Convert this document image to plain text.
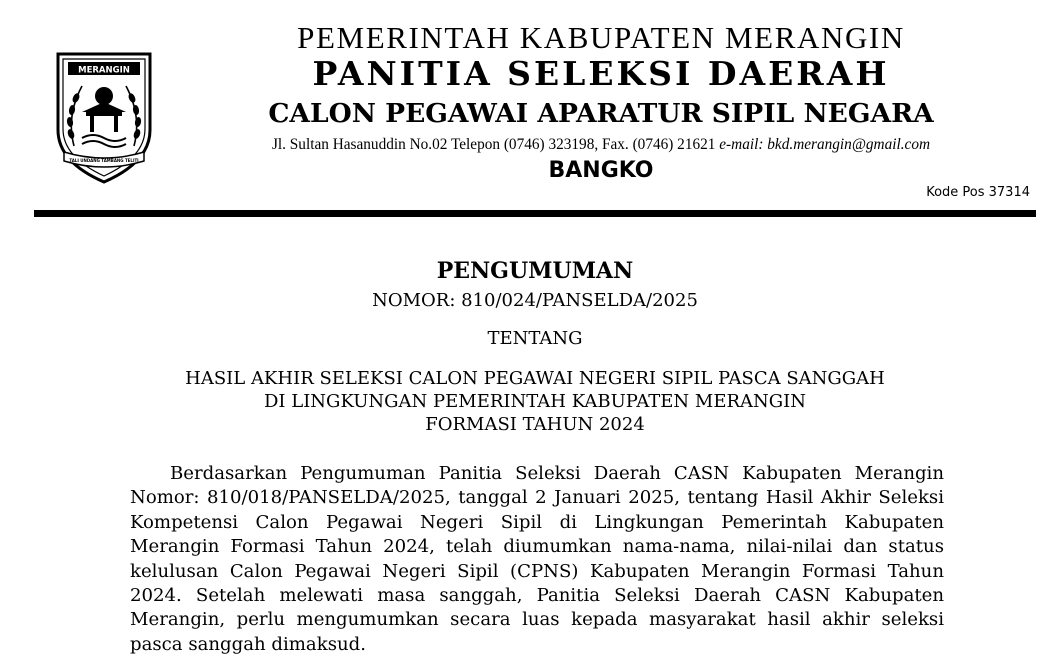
MERANGIN
TALI UNDANG TAMBANG TELITI
PEMERINTAH KABUPATEN MERANGIN
PANITIA SELEKSI DAERAH
CALON PEGAWAI APARATUR SIPIL NEGARA
Jl. Sultan Hasanuddin No.02 Telepon (0746) 323198, Fax. (0746) 21621 e-mail: bkd.merangin@gmail.com
BANGKO
Kode Pos 37314
PENGUMUMAN
NOMOR: 810/024/PANSELDA/2025
TENTANG
HASIL AKHIR SELEKSI CALON PEGAWAI NEGERI SIPIL PASCA SANGGAH
DI LINGKUNGAN PEMERINTAH KABUPATEN MERANGIN
FORMASI TAHUN 2024
Berdasarkan Pengumuman Panitia Seleksi Daerah CASN Kabupaten Merangin Nomor: 810/018/PANSELDA/2025, tanggal 2 Januari 2025, tentang Hasil Akhir Seleksi Kompetensi Calon Pegawai Negeri Sipil di Lingkungan Pemerintah Kabupaten Merangin Formasi Tahun 2024, telah diumumkan nama-nama, nilai-nilai dan status kelulusan Calon Pegawai Negeri Sipil (CPNS) Kabupaten Merangin Formasi Tahun 2024. Setelah melewati masa sanggah, Panitia Seleksi Daerah CASN Kabupaten Merangin, perlu mengumumkan secara luas kepada masyarakat hasil akhir seleksi pasca sanggah dimaksud.
